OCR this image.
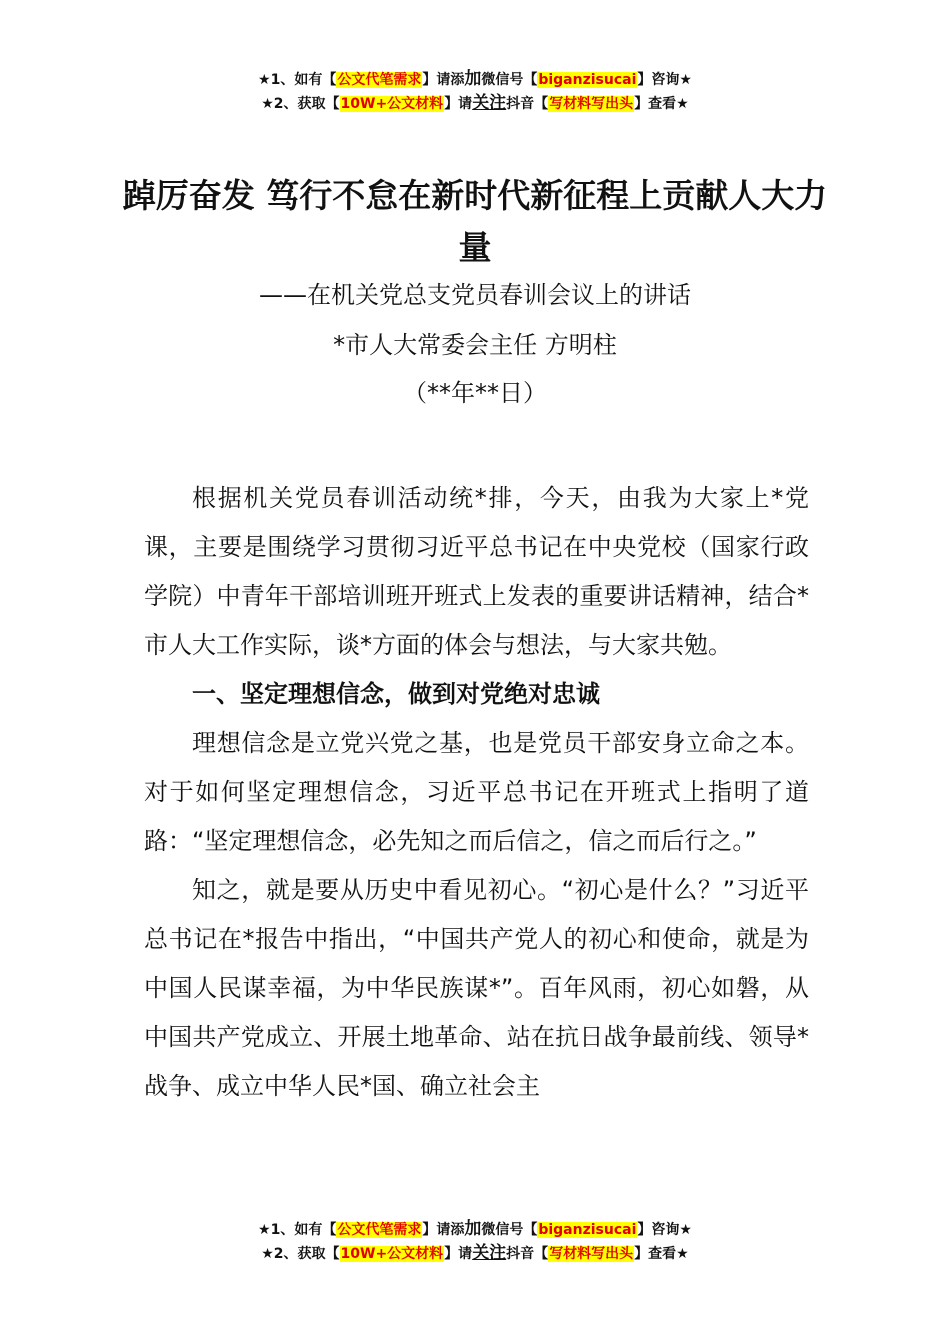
★1、如有【公文代笔需求】请添加微信号【biganzisucai】咨询★
★2、获取【10W+公文材料】请关注抖音【写材料写出头】查看★
踔厉奋发 笃行不怠在新时代新征程上贡献人大力量
——在机关党总支党员春训会议上的讲话
*市人大常委会主任 方明柱
（**年**日）

根据机关党员春训活动统*排，今天，由我为大家上*党课，主要是围绕学习贯彻习近平总书记在中央党校（国家行政学院）中青年干部培训班开班式上发表的重要讲话精神，结合*市人大工作实际，谈*方面的体会与想法，与大家共勉。

一、坚定理想信念，做到对党绝对忠诚

理想信念是立党兴党之基，也是党员干部安身立命之本。对于如何坚定理想信念，习近平总书记在开班式上指明了道路：“坚定理想信念，必先知之而后信之，信之而后行之。”

知之，就是要从历史中看见初心。“初心是什么？”习近平总书记在*报告中指出，“中国共产党人的初心和使命，就是为中国人民谋幸福，为中华民族谋*”。百年风雨，初心如磐，从中国共产党成立、开展土地革命、站在抗日战争最前线、领导*战争、成立中华人民*国、确立社会主

★1、如有【公文代笔需求】请添加微信号【biganzisucai】咨询★
★2、获取【10W+公文材料】请关注抖音【写材料写出头】查看★
